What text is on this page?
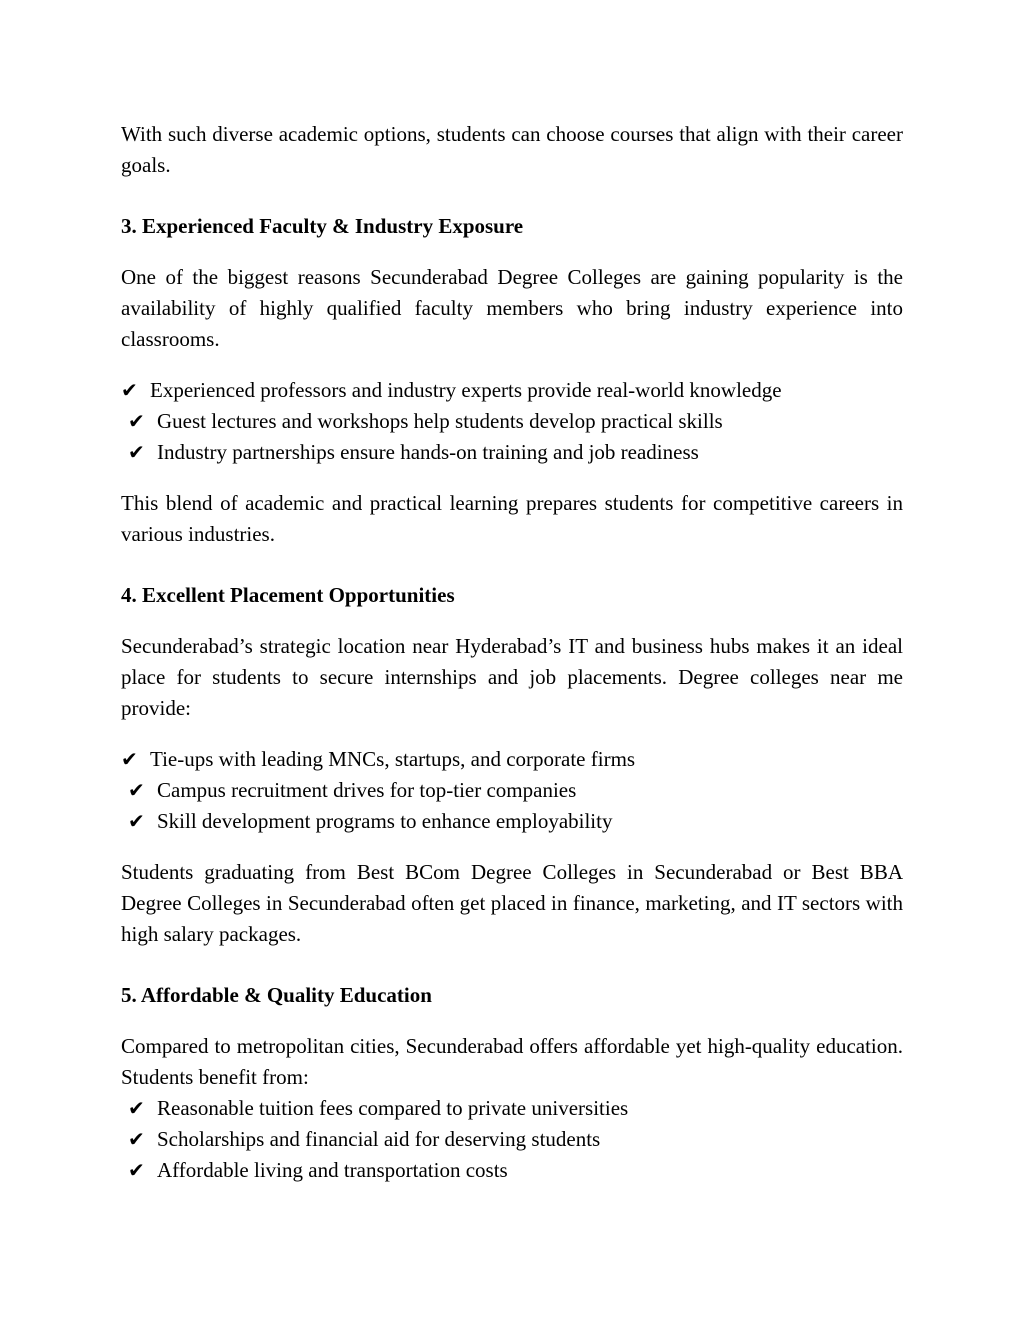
With such diverse academic options, students can choose courses that align with their career goals.

3. Experienced Faculty & Industry Exposure

One of the biggest reasons Secunderabad Degree Colleges are gaining popularity is the availability of highly qualified faculty members who bring industry experience into classrooms.

✔ Experienced professors and industry experts provide real-world knowledge
✔ Guest lectures and workshops help students develop practical skills
✔ Industry partnerships ensure hands-on training and job readiness

This blend of academic and practical learning prepares students for competitive careers in various industries.

4. Excellent Placement Opportunities

Secunderabad’s strategic location near Hyderabad’s IT and business hubs makes it an ideal place for students to secure internships and job placements. Degree colleges near me provide:

✔ Tie-ups with leading MNCs, startups, and corporate firms
✔ Campus recruitment drives for top-tier companies
✔ Skill development programs to enhance employability

Students graduating from Best BCom Degree Colleges in Secunderabad or Best BBA Degree Colleges in Secunderabad often get placed in finance, marketing, and IT sectors with high salary packages.

5. Affordable & Quality Education

Compared to metropolitan cities, Secunderabad offers affordable yet high-quality education. Students benefit from:

✔ Reasonable tuition fees compared to private universities
✔ Scholarships and financial aid for deserving students
✔ Affordable living and transportation costs
